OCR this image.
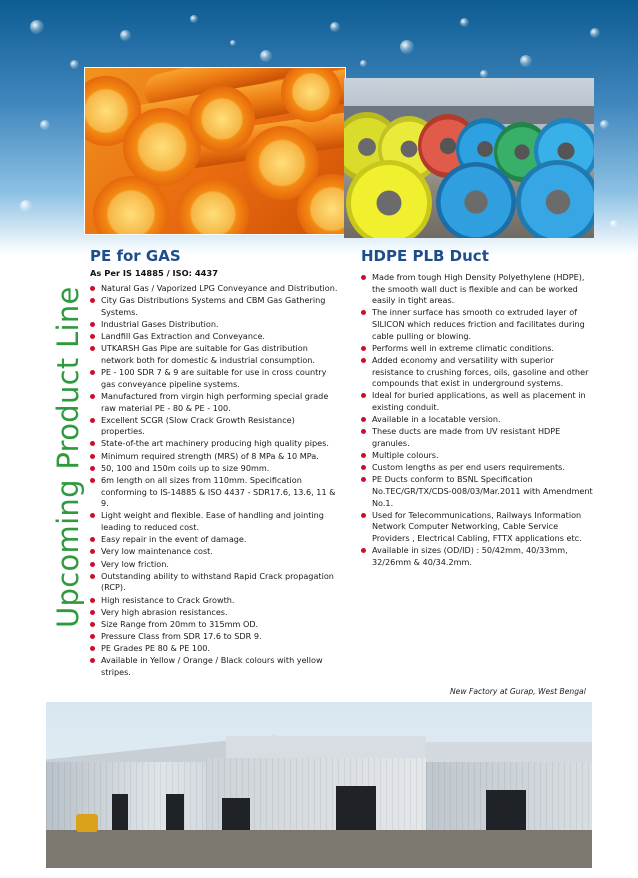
Upcoming Product Line
PE for GAS
As Per IS 14885 / ISO: 4437
Natural Gas / Vaporized LPG Conveyance and Distribution.
City Gas Distributions Systems and CBM Gas Gathering Systems.
Industrial Gases Distribution.
Landfill Gas Extraction and Conveyance.
UTKARSH Gas Pipe are suitable for Gas distribution network both for domestic & industrial consumption.
PE - 100 SDR 7 & 9 are suitable for use in cross country gas conveyance pipeline systems.
Manufactured from virgin high performing special grade raw material PE - 80 & PE - 100.
Excellent SCGR (Slow Crack Growth Resistance) properties.
State-of-the art machinery producing high quality pipes.
Minimum required strength (MRS) of 8 MPa & 10 MPa.
50, 100 and 150m coils up to size 90mm.
6m length on all sizes from 110mm. Specification conforming to IS-14885 & ISO 4437 - SDR17.6, 13.6, 11 & 9.
Light weight and flexible. Ease of handling and jointing leading to reduced cost.
Easy repair in the event of damage.
Very low maintenance cost.
Very low friction.
Outstanding ability to withstand Rapid Crack propagation (RCP).
High resistance to Crack Growth.
Very high abrasion resistances.
Size Range from 20mm to 315mm OD.
Pressure Class from SDR 17.6 to SDR 9.
PE Grades PE 80 & PE 100.
Available in Yellow / Orange / Black colours with yellow stripes.
HDPE PLB Duct
Made from tough High Density Polyethylene (HDPE), the smooth wall duct is flexible and can be worked easily in tight areas.
The inner surface has smooth co extruded layer of SILICON which reduces friction and facilitates during cable pulling or blowing.
Performs well in extreme climatic conditions.
Added economy and versatility with superior resistance to crushing forces, oils, gasoline and other compounds that exist in underground systems.
Ideal for buried applications, as well as placement in existing conduit.
Available in a locatable version.
These ducts are made from UV resistant HDPE granules.
Multiple colours.
Custom lengths as per end users requirements.
PE Ducts conform to BSNL Specification No.TEC/GR/TX/CDS-008/03/Mar.2011 with Amendment No.1.
Used for Telecommunications, Railways Information Network Computer Networking, Cable Service Providers , Electrical Cabling, FTTX applications etc.
Available in sizes (OD/ID) : 50/42mm, 40/33mm, 32/26mm & 40/34.2mm.
New Factory at Gurap, West Bengal
